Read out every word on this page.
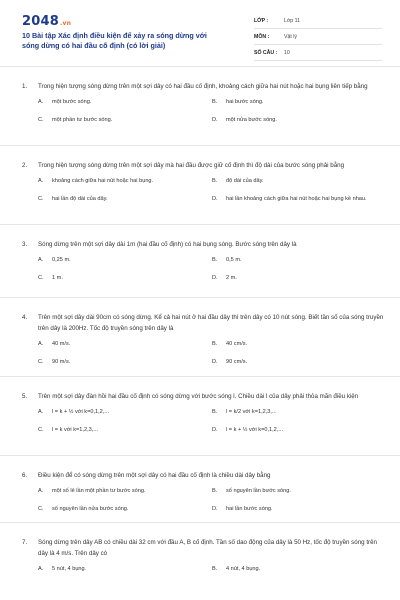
2048.vn
10 Bài tập Xác định điều kiện để xảy ra sóng dừng với sóng dừng có hai đầu cố định (có lời giải)
LỚP :	Lớp 11
MÔN :	Vật lý
SỐ CÂU :	10
1.	Trong hiện tượng sóng dừng trên một sợi dây có hai đầu cố định, khoảng cách giữa hai nút hoặc hai bụng liên tiếp bằng
A.	một bước sóng.	B.	hai bước sóng.
C.	một phần tư bước sóng.	D.	một nửa bước sóng.
2.	Trong hiện tượng sóng dừng trên một sợi dây mà hai đầu được giữ cố định thì độ dài của bước sóng phải bằng
A.	khoảng cách giữa hai nút hoặc hai bụng.	B.	độ dài của dây.
C.	hai lần độ dài của dây.	D.	hai lần khoảng cách giữa hai nút hoặc hai bụng kề nhau.
3.	Sóng dừng trên một sợi dây dài 1m (hai đầu cố định) có hai bụng sóng. Bước sóng trên dây là
A.	0,25 m.	B.	0,5 m.
C.	1 m.	D.	2 m.
4.	Trên một sợi dây dài 90cm có sóng dừng. Kể cả hai nút ở hai đầu dây thì trên dây có 10 nút sóng. Biết tần số của sóng truyền trên dây là 200Hz. Tốc độ truyền sóng trên dây là
A.	40 m/s.	B.	40 cm/s.
C.	90 m/s.	D.	90 cm/s.
5.	Trên một sợi dây đàn hồi hai đầu cố định có sóng dừng với bước sóng l. Chiều dài l của dây phải thỏa mãn điều kiện
A.	l = k + ½ với k=0,1,2,...	B.	l = k/2 với k=1,2,3,...
C.	l = k với k=1,2,3,...	D.	l = k + ½ với k=0,1,2,...
6.	Điều kiện để có sóng dừng trên một sợi dây có hai đầu cố định là chiều dài dây bằng
A.	một số lẻ lần một phần tư bước sóng.	B.	số nguyên lần bước sóng.
C.	số nguyên lần nửa bước sóng.	D.	hai lần bước sóng.
7.	Sóng dừng trên dây AB có chiều dài 32 cm với đầu A, B cố định. Tần số dao động của dây là 50 Hz, tốc độ truyền sóng trên dây là 4 m/s. Trên dây có
A.	5 nút, 4 bụng.	B.	4 nút, 4 bụng.
